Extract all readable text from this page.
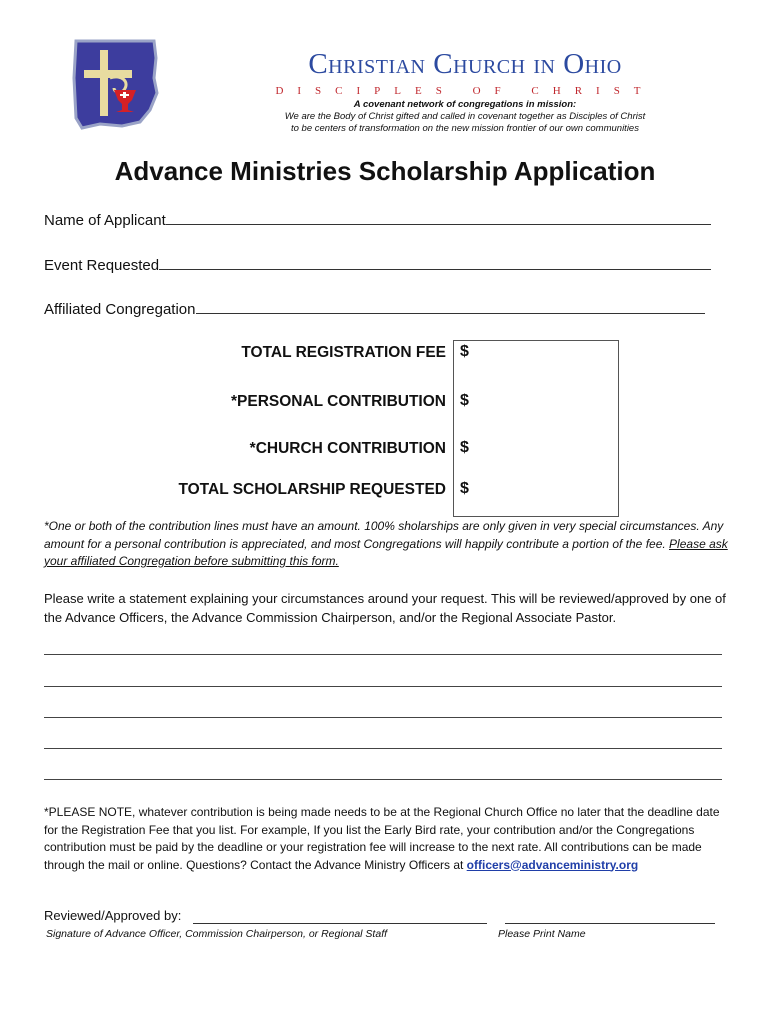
Christian Church in Ohio
DISCIPLES OF CHRIST
A covenant network of congregations in mission:
We are the Body of Christ gifted and called in covenant together as Disciples of Christ
to be centers of transformation on the new mission frontier of our own communities
Advance Ministries Scholarship Application
Name of Applicant
Event Requested
Affiliated Congregation
TOTAL REGISTRATION FEE $
*PERSONAL CONTRIBUTION $
*CHURCH CONTRIBUTION $
TOTAL SCHOLARSHIP REQUESTED $
*One or both of the contribution lines must have an amount. 100% sholarships are only given in very special circumstances. Any amount for a personal contribution is appreciated, and most Congregations will happily contribute a portion of the fee. Please ask your affiliated Congregation before submitting this form.
Please write a statement explaining your circumstances around your request. This will be reviewed/approved by one of the Advance Officers, the Advance Commission Chairperson, and/or the Regional Associate Pastor.
*PLEASE NOTE, whatever contribution is being made needs to be at the Regional Church Office no later that the deadline date for the Registration Fee that you list. For example, If you list the Early Bird rate, your contribution and/or the Congregations contribution must be paid by the deadline or your registration fee will increase to the next rate. All contributions can be made through the mail or online. Questions? Contact the Advance Ministry Officers at officers@advanceministry.org
Reviewed/Approved by:
Signature of Advance Officer, Commission Chairperson, or Regional Staff	Please Print Name
